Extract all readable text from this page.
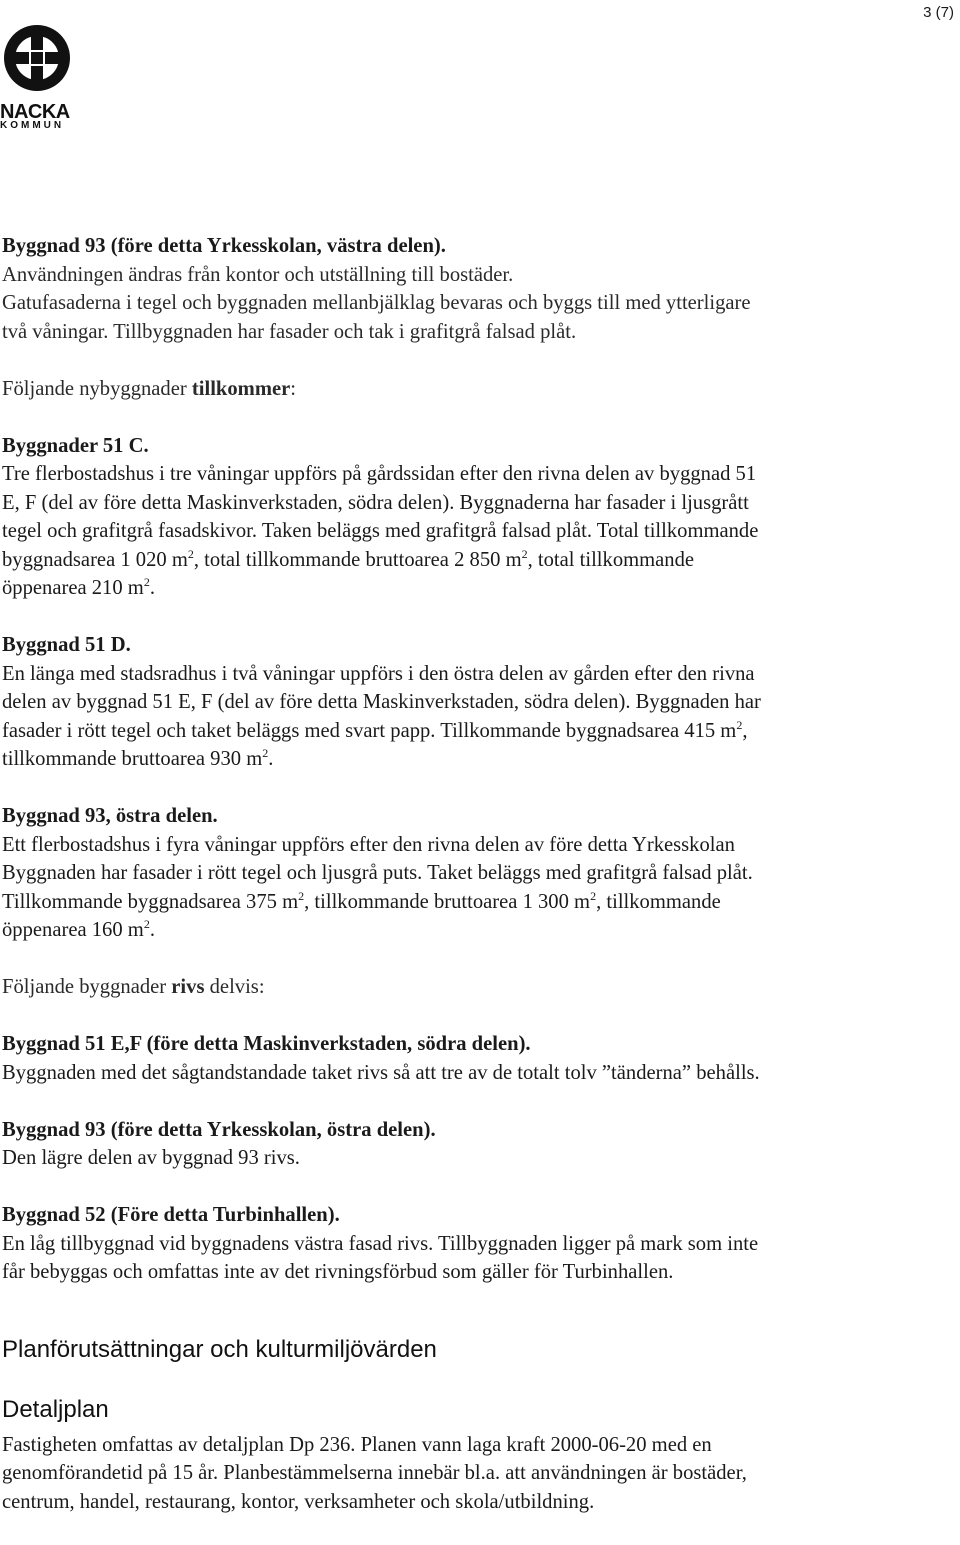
3 (7)
NACKA
KOMMUN

Byggnad 93 (före detta Yrkesskolan, västra delen).
Användningen ändras från kontor och utställning till bostäder.
Gatufasaderna i tegel och byggnaden mellanbjälklag bevaras och byggs till med ytterligare
två våningar. Tillbyggnaden har fasader och tak i grafitgrå falsad plåt.

Följande nybyggnader tillkommer:

Byggnader 51 C.
Tre flerbostadshus i tre våningar uppförs på gårdssidan efter den rivna delen av byggnad 51
E, F (del av före detta Maskinverkstaden, södra delen). Byggnaderna har fasader i ljusgrått
tegel och grafitgrå fasadskivor. Taken beläggs med grafitgrå falsad plåt. Total tillkommande
byggnadsarea 1 020 $m^2$, total tillkommande bruttoarea 2 850 $m^2$, total tillkommande
öppenarea 210 $m^2$.

Byggnad 51 D.
En länga med stadsradhus i två våningar uppförs i den östra delen av gården efter den rivna
delen av byggnad 51 E, F (del av före detta Maskinverkstaden, södra delen). Byggnaden har
fasader i rött tegel och taket beläggs med svart papp. Tillkommande byggnadsarea 415 $m^2$,
tillkommande bruttoarea 930 $m^2$.

Byggnad 93, östra delen.
Ett flerbostadshus i fyra våningar uppförs efter den rivna delen av före detta Yrkesskolan
Byggnaden har fasader i rött tegel och ljusgrå puts. Taket beläggs med grafitgrå falsad plåt.
Tillkommande byggnadsarea 375 $m^2$, tillkommande bruttoarea 1 300 $m^2$, tillkommande
öppenarea 160 $m^2$.

Följande byggnader rivs delvis:

Byggnad 51 E,F (före detta Maskinverkstaden, södra delen).
Byggnaden med det sågtandstandade taket rivs så att tre av de totalt tolv ”tänderna” behålls.

Byggnad 93 (före detta Yrkesskolan, östra delen).
Den lägre delen av byggnad 93 rivs.

Byggnad 52 (Före detta Turbinhallen).
En låg tillbyggnad vid byggnadens västra fasad rivs. Tillbyggnaden ligger på mark som inte
får bebyggas och omfattas inte av det rivningsförbud som gäller för Turbinhallen.

Planförutsättningar och kulturmiljövärden
Detaljplan

Fastigheten omfattas av detaljplan Dp 236. Planen vann laga kraft 2000-06-20 med en
genomförandetid på 15 år. Planbestämmelserna innebär bl.a. att användningen är bostäder,
centrum, handel, restaurang, kontor, verksamheter och skola/utbildning.
